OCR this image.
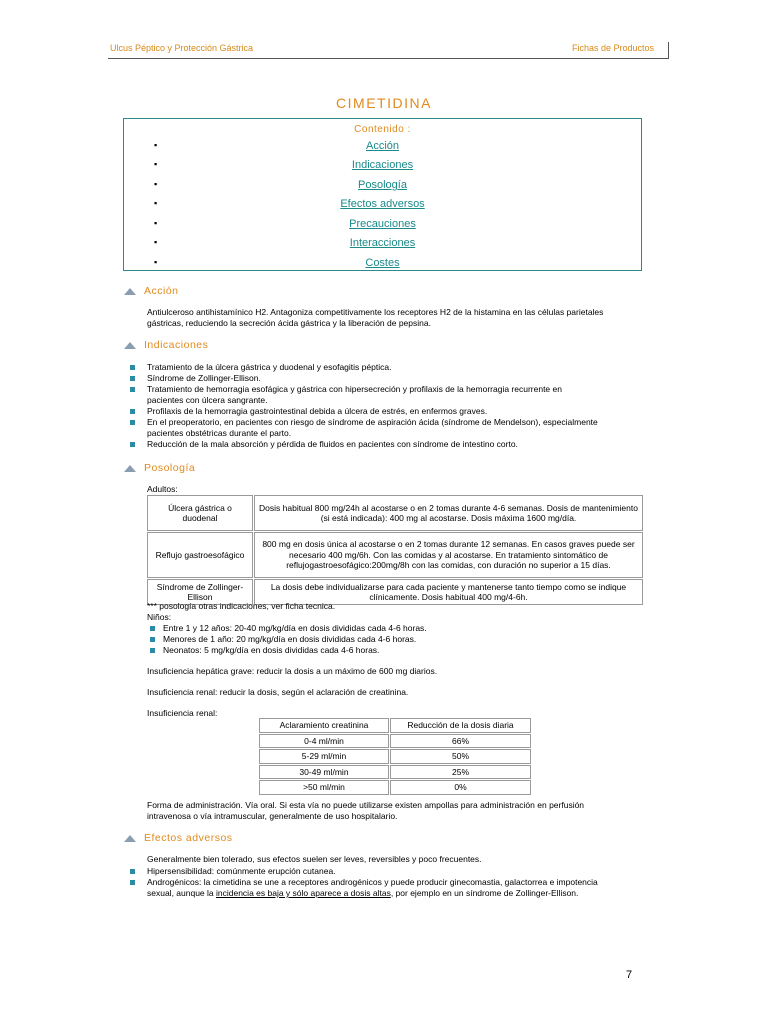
Ulcus Péptico y Protección Gástrica	Fichas de Productos
CIMETIDINA
Contenido :
▪	Acción
▪	Indicaciones
▪	Posología
▪	Efectos adversos
▪	Precauciones
▪	Interacciones
▪	Costes
Acción
Antiulceroso antihistamínico H2. Antagoniza competitivamente los receptores H2 de la histamina en las células parietales gástricas, reduciendo la secreción ácida gástrica y la liberación de pepsina.
Indicaciones
Tratamiento de la úlcera gástrica y duodenal y esofagitis péptica.
Síndrome de Zollinger-Ellison.
Tratamiento de hemorragia esofágica y gástrica con hipersecreción y profilaxis de la hemorragia recurrente en pacientes con úlcera sangrante.
Profilaxis de la hemorragia gastrointestinal debida a úlcera de estrés, en enfermos graves.
En el preoperatorio, en pacientes con riesgo de síndrome de aspiración ácida (síndrome de Mendelson), especialmente pacientes obstétricas durante el parto.
Reducción de la mala absorción y pérdida de fluidos en pacientes con síndrome de intestino corto.
Posología
Adultos:
Úlcera gástrica o duodenal	Dosis habitual 800 mg/24h al acostarse o en 2 tomas durante 4-6 semanas. Dosis de mantenimiento (si está indicada): 400 mg al acostarse. Dosis máxima 1600 mg/día.
Reflujo gastroesofágico	800 mg en dosis única al acostarse o en 2 tomas durante 12 semanas. En casos graves puede ser necesario 400 mg/6h. Con las comidas y al acostarse. En tratamiento sintomático de reflujogastroesofágico:200mg/8h con las comidas, con duración no superior a 15 días.
Síndrome de Zollinger-Ellison	La dosis debe individualizarse para cada paciente y mantenerse tanto tiempo como se indique clínicamente. Dosis habitual 400 mg/4-6h.
*** posología otras indicaciones, ver ficha tecnica.
Niños:
Entre 1 y 12 años: 20-40 mg/kg/día en dosis divididas cada 4-6 horas.
Menores de 1 año: 20 mg/kg/día en dosis divididas cada 4-6 horas.
Neonatos: 5 mg/kg/día en dosis divididas cada 4-6 horas.
Insuficiencia hepática grave: reducir la dosis a un máximo de 600 mg diarios.
Insuficiencia renal: reducir la dosis, según el aclaración de creatinina.
Insuficiencia renal:
Aclaramiento creatinina	Reducción de la dosis diaria
0-4 ml/min	66%
5-29 ml/min	50%
30-49 ml/min	25%
>50 ml/min	0%
Forma de administración. Vía oral. Si esta vía no puede utilizarse existen ampollas para administración en perfusión intravenosa o vía intramuscular, generalmente de uso hospitalario.
Efectos adversos
Generalmente bien tolerado, sus efectos suelen ser leves, reversibles y poco frecuentes.
Hipersensibilidad: comúnmente erupción cutanea.
Androgénicos: la cimetidina se une a receptores androgénicos y puede producir ginecomastia, galactorrea e impotencia sexual, aunque la incidencia es baja y sólo aparece a dosis altas, por ejemplo en un síndrome de Zollinger-Ellison.
7
